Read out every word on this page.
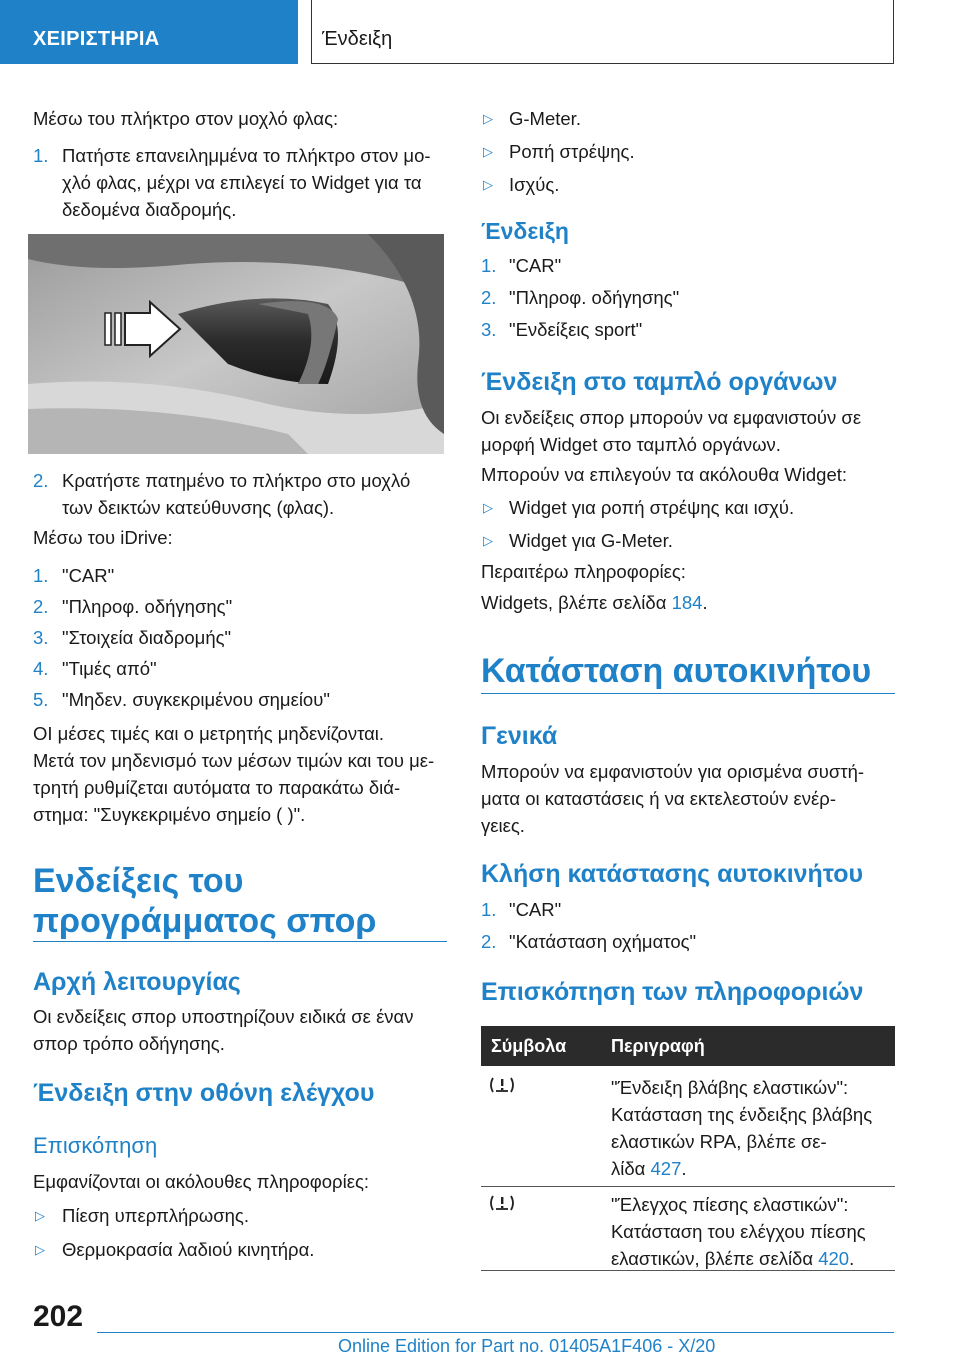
ΧΕΙΡΙΣΤΗΡΙΑ	Ένδειξη
Μέσω του πλήκτρο στον μοχλό φλας:
1. Πατήστε επανειλημμένα το πλήκτρο στον μο-
χλό φλας, μέχρι να επιλεγεί το Widget για τα
δεδομένα διαδρομής.
2. Κρατήστε πατημένο το πλήκτρο στο μοχλό
των δεικτών κατεύθυνσης (φλας).
Μέσω του iDrive:
1. "CAR"
2. "Πληροφ. οδήγησης"
3. "Στοιχεία διαδρομής"
4. "Τιμές από"
5. "Μηδεν. συγκεκριμένου σημείου"
ΟΙ μέσες τιμές και ο μετρητής μηδενίζονται.
Μετά τον μηδενισμό των μέσων τιμών και του με-
τρητή ρυθμίζεται αυτόματα το παρακάτω διά-
στημα: "Συγκεκριμένο σημείο ( )".
Ενδείξεις του
προγράμματος σπορ
Αρχή λειτουργίας
Οι ενδείξεις σπορ υποστηρίζουν ειδικά σε έναν
σπορ τρόπο οδήγησης.
Ένδειξη στην οθόνη ελέγχου
Επισκόπηση
Εμφανίζονται οι ακόλουθες πληροφορίες:
▷ Πίεση υπερπλήρωσης.
▷ Θερμοκρασία λαδιού κινητήρα.
▷ G-Meter.
▷ Ροπή στρέψης.
▷ Ισχύς.
Ένδειξη
1. "CAR"
2. "Πληροφ. οδήγησης"
3. "Ενδείξεις sport"
Ένδειξη στο ταμπλό οργάνων
Οι ενδείξεις σπορ μπορούν να εμφανιστούν σε
μορφή Widget στο ταμπλό οργάνων.
Μπορούν να επιλεγούν τα ακόλουθα Widget:
▷ Widget για ροπή στρέψης και ισχύ.
▷ Widget για G-Meter.
Περαιτέρω πληροφορίες:
Widgets, βλέπε σελίδα 184.
Κατάσταση αυτοκινήτου
Γενικά
Μπορούν να εμφανιστούν για ορισμένα συστή-
ματα οι καταστάσεις ή να εκτελεστούν ενέρ-
γειες.
Κλήση κατάστασης αυτοκινήτου
1. "CAR"
2. "Κατάσταση οχήματος"
Επισκόπηση των πληροφοριών
Σύμβολα Περιγραφή
"Ένδειξη βλάβης ελαστικών":
Κατάσταση της ένδειξης βλάβης
ελαστικών RPA, βλέπε σε-
λίδα 427.
"Έλεγχος πίεσης ελαστικών":
Κατάσταση του ελέγχου πίεσης
ελαστικών, βλέπε σελίδα 420.
202
Online Edition for Part no. 01405A1F406 - X/20
